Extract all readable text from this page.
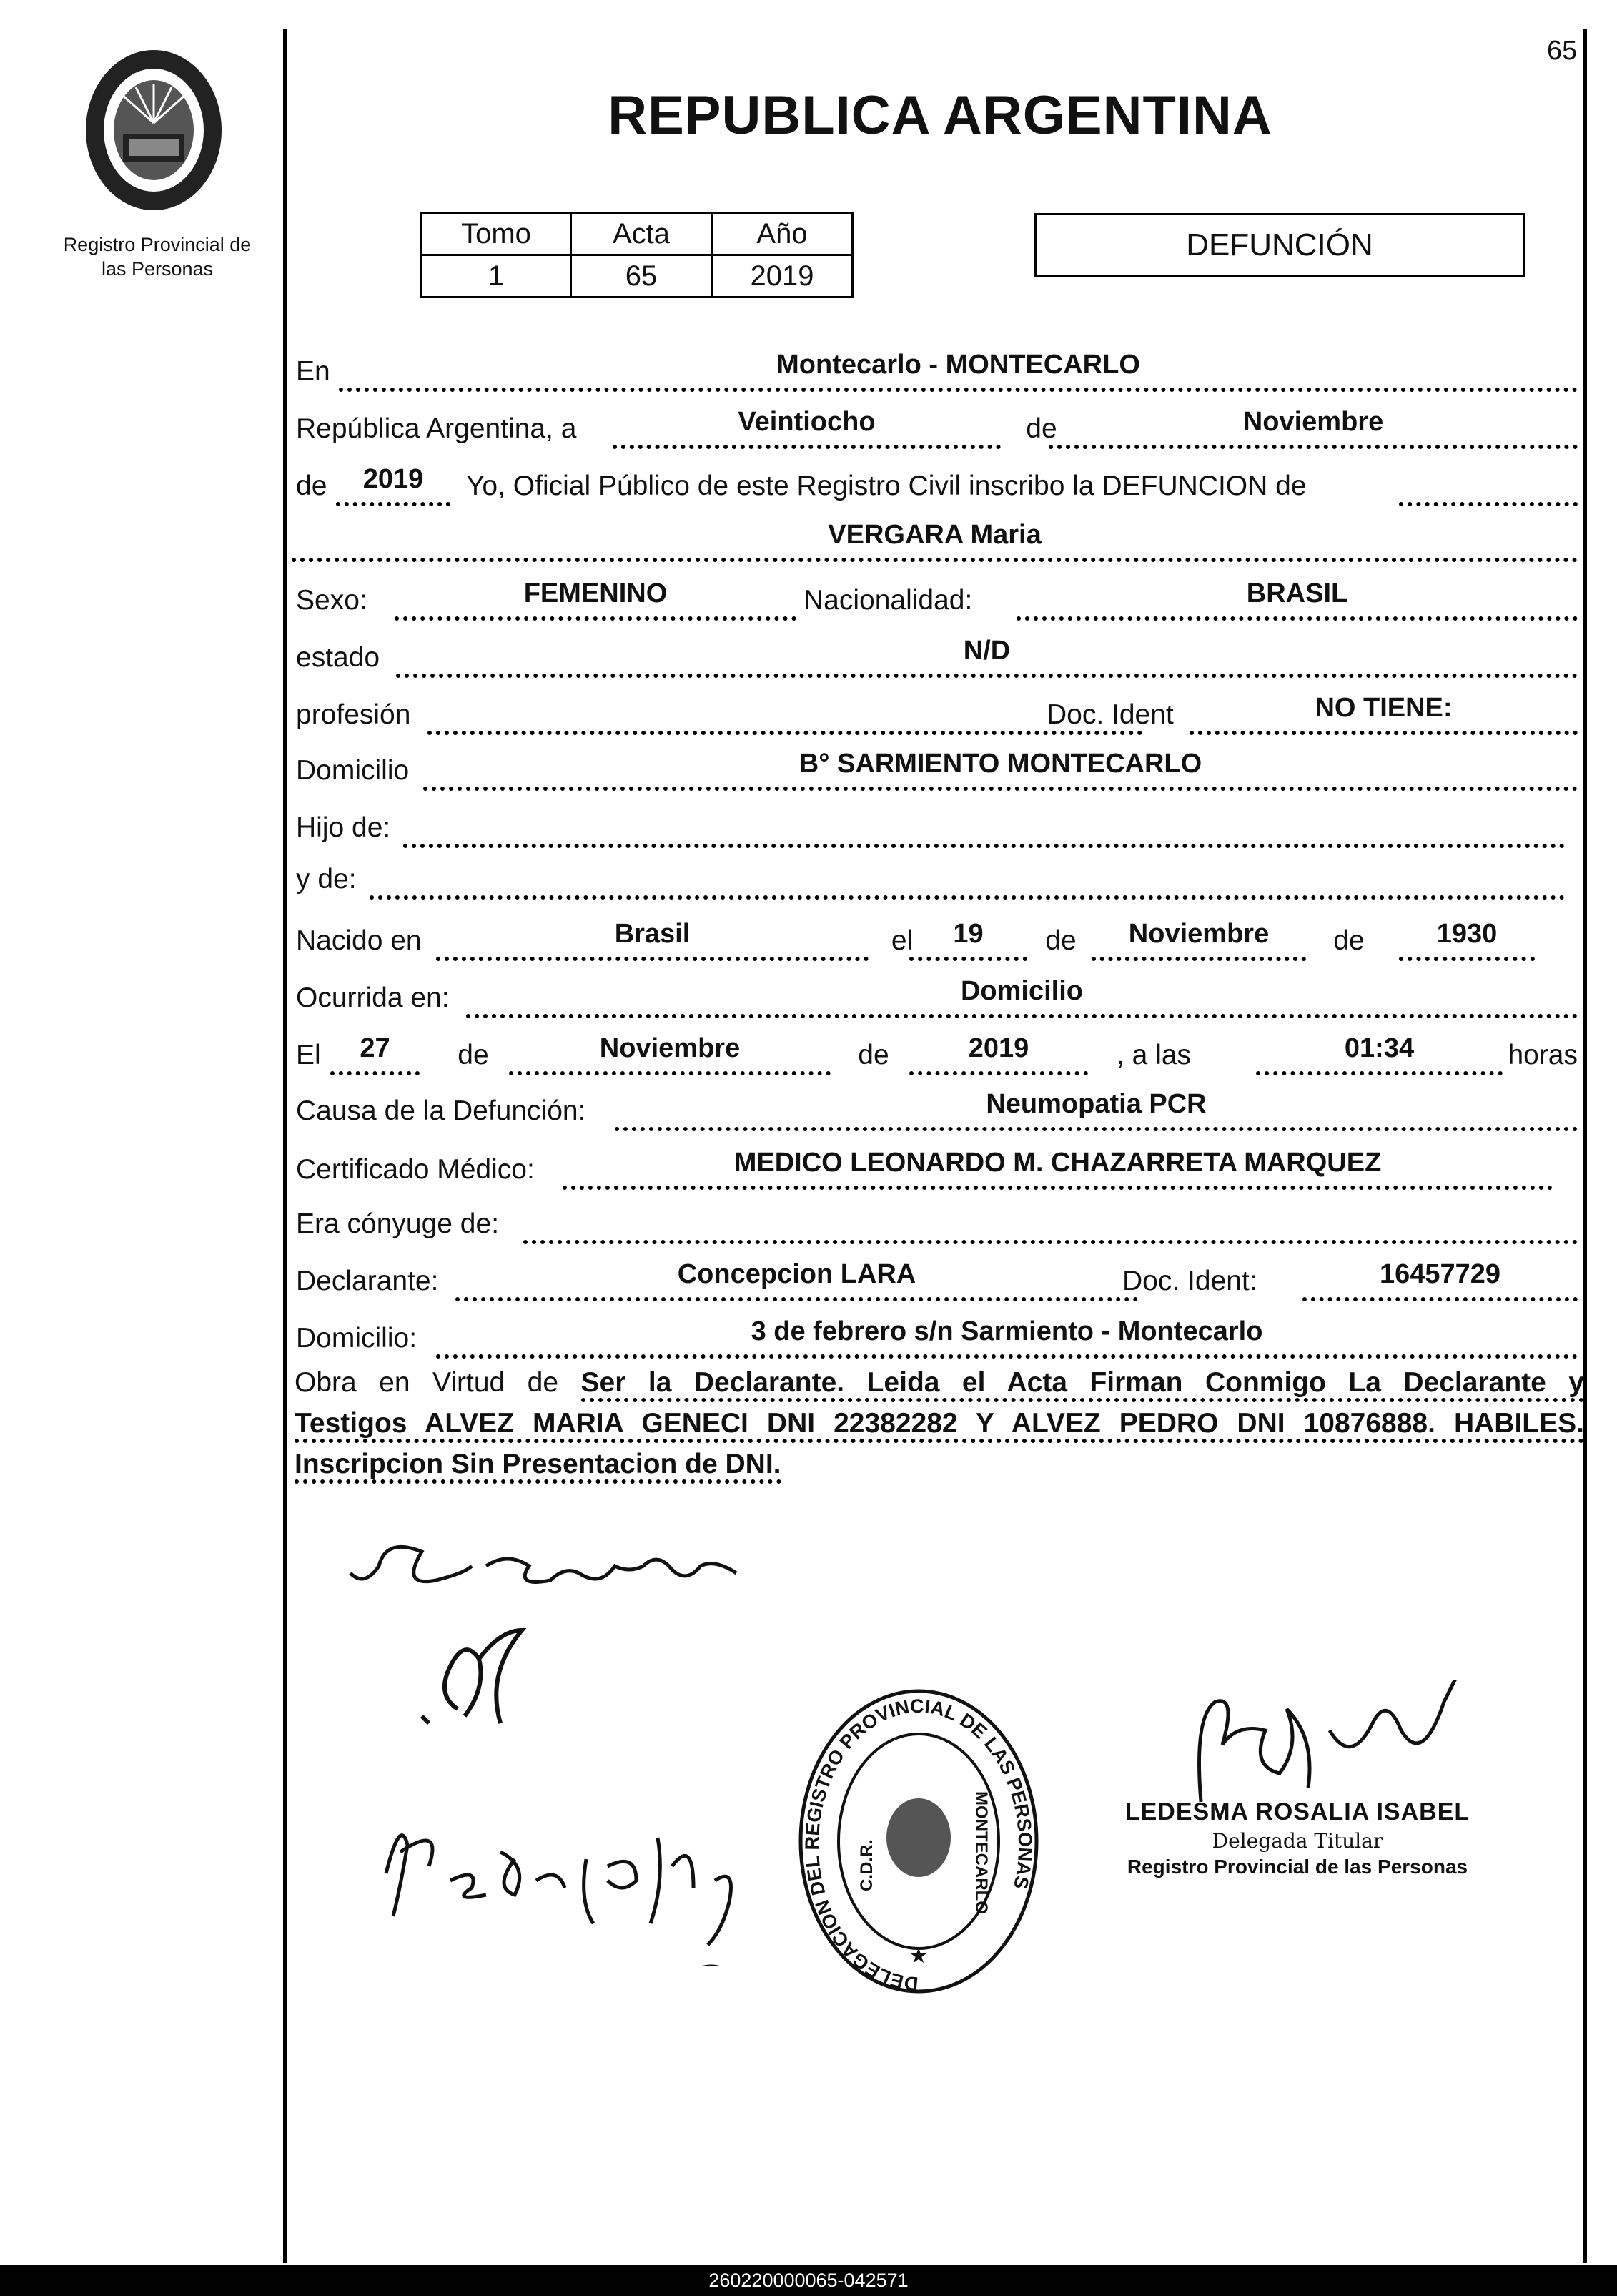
65
Registro Provincial de
las Personas
REPUBLICA ARGENTINA
Tomo	Acta	Año
1	65	2019
DEFUNCIÓN
En	Montecarlo - MONTECARLO
República Argentina, a	Veintiocho	de	Noviembre
de	2019	Yo, Oficial Público de este Registro Civil inscribo la DEFUNCION de
VERGARA Maria
Sexo:	FEMENINO	Nacionalidad:	BRASIL
estado	N/D
profesión	Doc. Ident	NO TIENE:
Domicilio	B° SARMIENTO MONTECARLO
Hijo de:
y de:
Nacido en	Brasil	el	19	de	Noviembre	de	1930
Ocurrida en:	Domicilio
El	27	de	Noviembre	de	2019	, a las	01:34	horas
Causa de la Defunción:	Neumopatia PCR
Certificado Médico:	MEDICO LEONARDO M. CHAZARRETA MARQUEZ
Era cónyuge de:
Declarante:	Concepcion LARA	Doc. Ident:	16457729
Domicilio:	3 de febrero s/n Sarmiento - Montecarlo
Obra en Virtud de Ser la Declarante. Leida el Acta Firman Conmigo La Declarante y
Testigos ALVEZ MARIA GENECI DNI 22382282 Y ALVEZ PEDRO DNI 10876888. HABILES.
Inscripcion Sin Presentacion de DNI.
DELEGACION DEL REGISTRO PROVINCIAL DE LAS PERSONAS
C.D.R.	MONTECARLO
★
LEDESMA ROSALIA ISABEL
Delegada Titular
Registro Provincial de las Personas
260220000065-042571
